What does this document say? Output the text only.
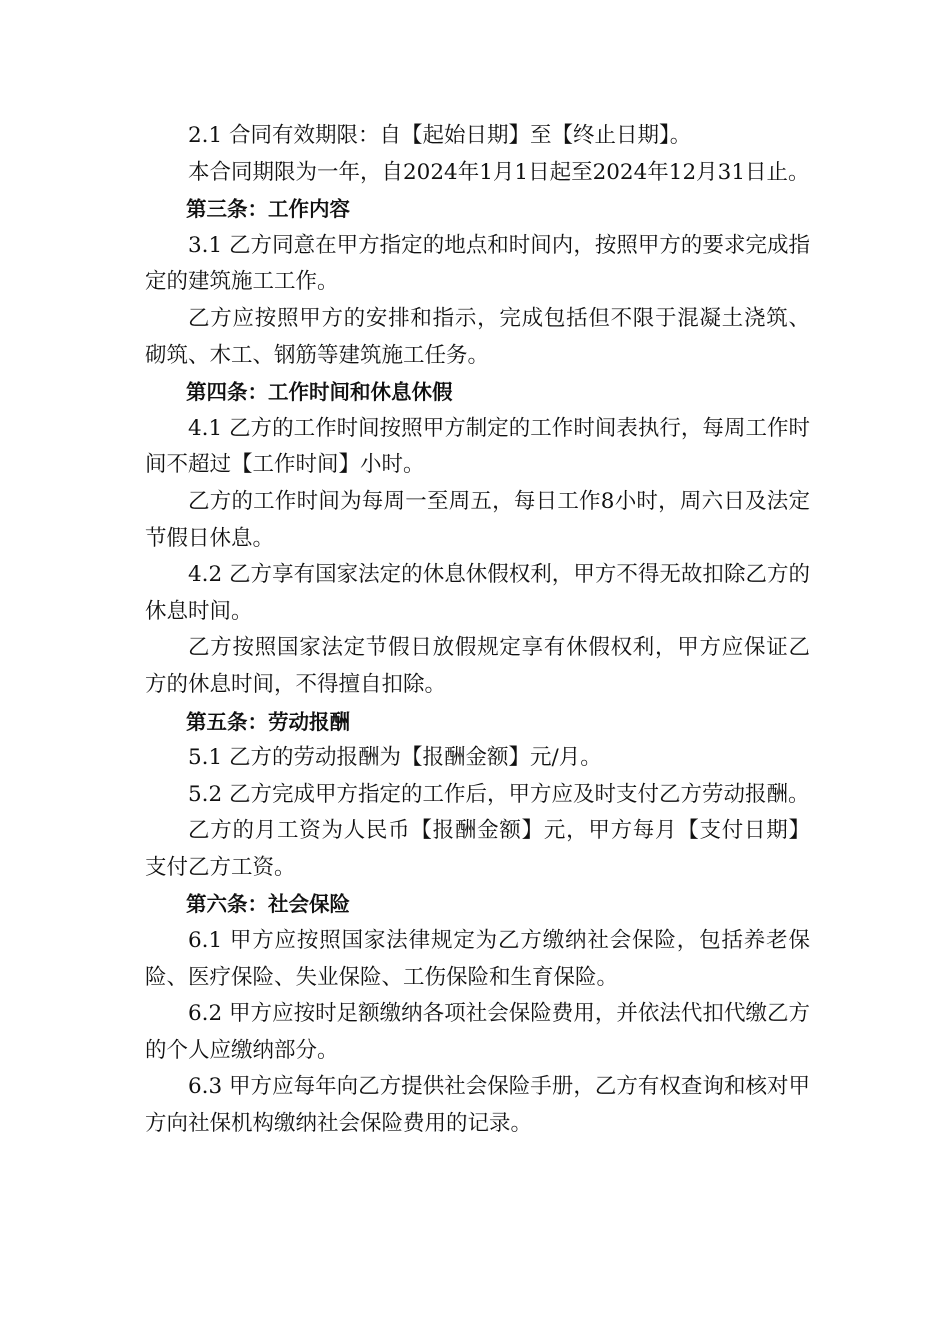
2.1 合同有效期限：自【起始日期】至【终止日期】。

本合同期限为一年，自2024年1月1日起至2024年12月31日止。

第三条：工作内容

3.1 乙方同意在甲方指定的地点和时间内，按照甲方的要求完成指定的建筑施工工作。

乙方应按照甲方的安排和指示，完成包括但不限于混凝土浇筑、砌筑、木工、钢筋等建筑施工任务。

第四条：工作时间和休息休假

4.1 乙方的工作时间按照甲方制定的工作时间表执行，每周工作时间不超过【工作时间】小时。

乙方的工作时间为每周一至周五，每日工作8小时，周六日及法定节假日休息。

4.2 乙方享有国家法定的休息休假权利，甲方不得无故扣除乙方的休息时间。

乙方按照国家法定节假日放假规定享有休假权利，甲方应保证乙方的休息时间，不得擅自扣除。

第五条：劳动报酬

5.1 乙方的劳动报酬为【报酬金额】元/月。

5.2 乙方完成甲方指定的工作后，甲方应及时支付乙方劳动报酬。

乙方的月工资为人民币【报酬金额】元，甲方每月【支付日期】支付乙方工资。

第六条：社会保险

6.1 甲方应按照国家法律规定为乙方缴纳社会保险，包括养老保险、医疗保险、失业保险、工伤保险和生育保险。

6.2 甲方应按时足额缴纳各项社会保险费用，并依法代扣代缴乙方的个人应缴纳部分。

6.3 甲方应每年向乙方提供社会保险手册，乙方有权查询和核对甲方向社保机构缴纳社会保险费用的记录。
